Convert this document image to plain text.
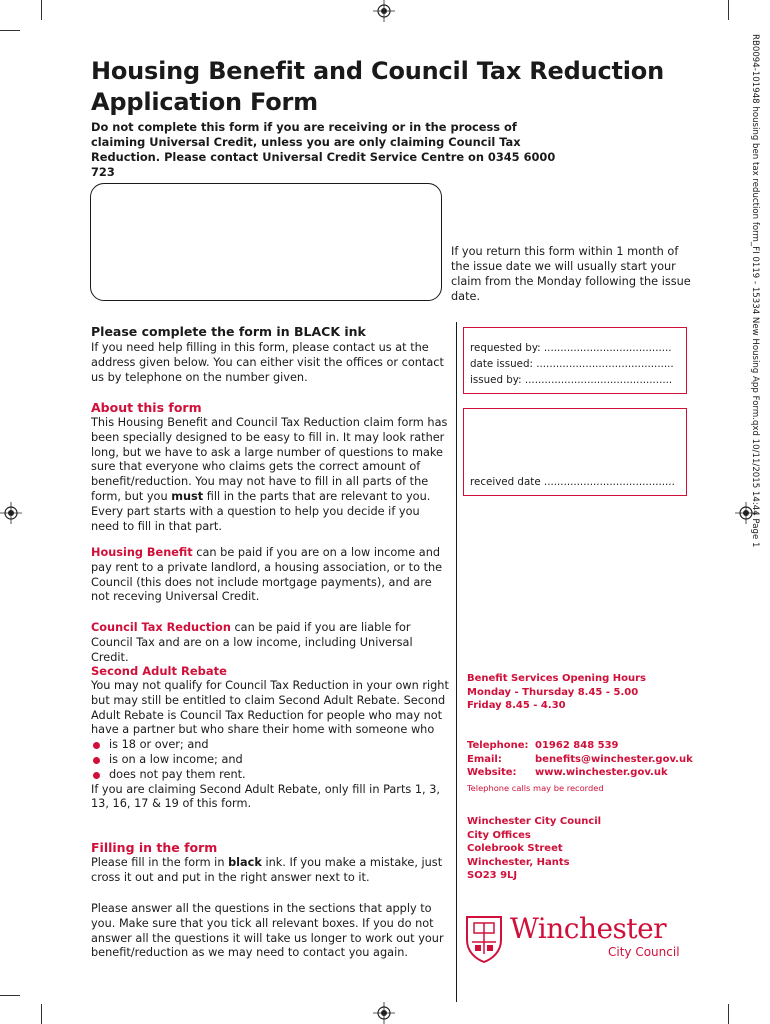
RB0094-101948 housing ben tax reduction form_FI 0119 - 15334 New Housing App Form.qxd 10/11/2015 14:44 Page 1
Housing Benefit and Council Tax Reduction
Application Form
Do not complete this form if you are receiving or in the process of claiming Universal Credit, unless you are only claiming Council Tax Reduction. Please contact Universal Credit Service Centre on 0345 6000 723
If you return this form within 1 month of the issue date we will usually start your claim from the Monday following the issue date.
Please complete the form in BLACK ink
If you need help filling in this form, please contact us at the address given below. You can either visit the offices or contact us by telephone on the number given.
About this form
This Housing Benefit and Council Tax Reduction claim form has been specially designed to be easy to fill in. It may look rather long, but we have to ask a large number of questions to make sure that everyone who claims gets the correct amount of benefit/reduction. You may not have to fill in all parts of the form, but you must fill in the parts that are relevant to you. Every part starts with a question to help you decide if you need to fill in that part.
Housing Benefit can be paid if you are on a low income and pay rent to a private landlord, a housing association, or to the Council (this does not include mortgage payments), and are not receving Universal Credit.
Council Tax Reduction can be paid if you are liable for Council Tax and are on a low income, including Universal Credit.
Second Adult Rebate
You may not qualify for Council Tax Reduction in your own right but may still be entitled to claim Second Adult Rebate. Second Adult Rebate is Council Tax Reduction for people who may not have a partner but who share their home with someone who
is 18 or over; and
is on a low income; and
does not pay them rent.
If you are claiming Second Adult Rebate, only fill in Parts 1, 3, 13, 16, 17 & 19 of this form.
Filling in the form
Please fill in the form in black ink. If you make a mistake, just cross it out and put in the right answer next to it.
Please answer all the questions in the sections that apply to you. Make sure that you tick all relevant boxes. If you do not answer all the questions it will take us longer to work out your benefit/reduction as we may need to contact you again.
requested by: .......................................
date issued: ..........................................
issued by: .............................................
received date ........................................
Benefit Services Opening Hours
Monday - Thursday 8.45 - 5.00
Friday 8.45 - 4.30
Telephone: 01962 848 539
Email:	benefits@winchester.gov.uk
Website:	www.winchester.gov.uk
Telephone calls may be recorded
Winchester City Council
City Offices
Colebrook Street
Winchester, Hants
SO23 9LJ
Winchester
City Council
